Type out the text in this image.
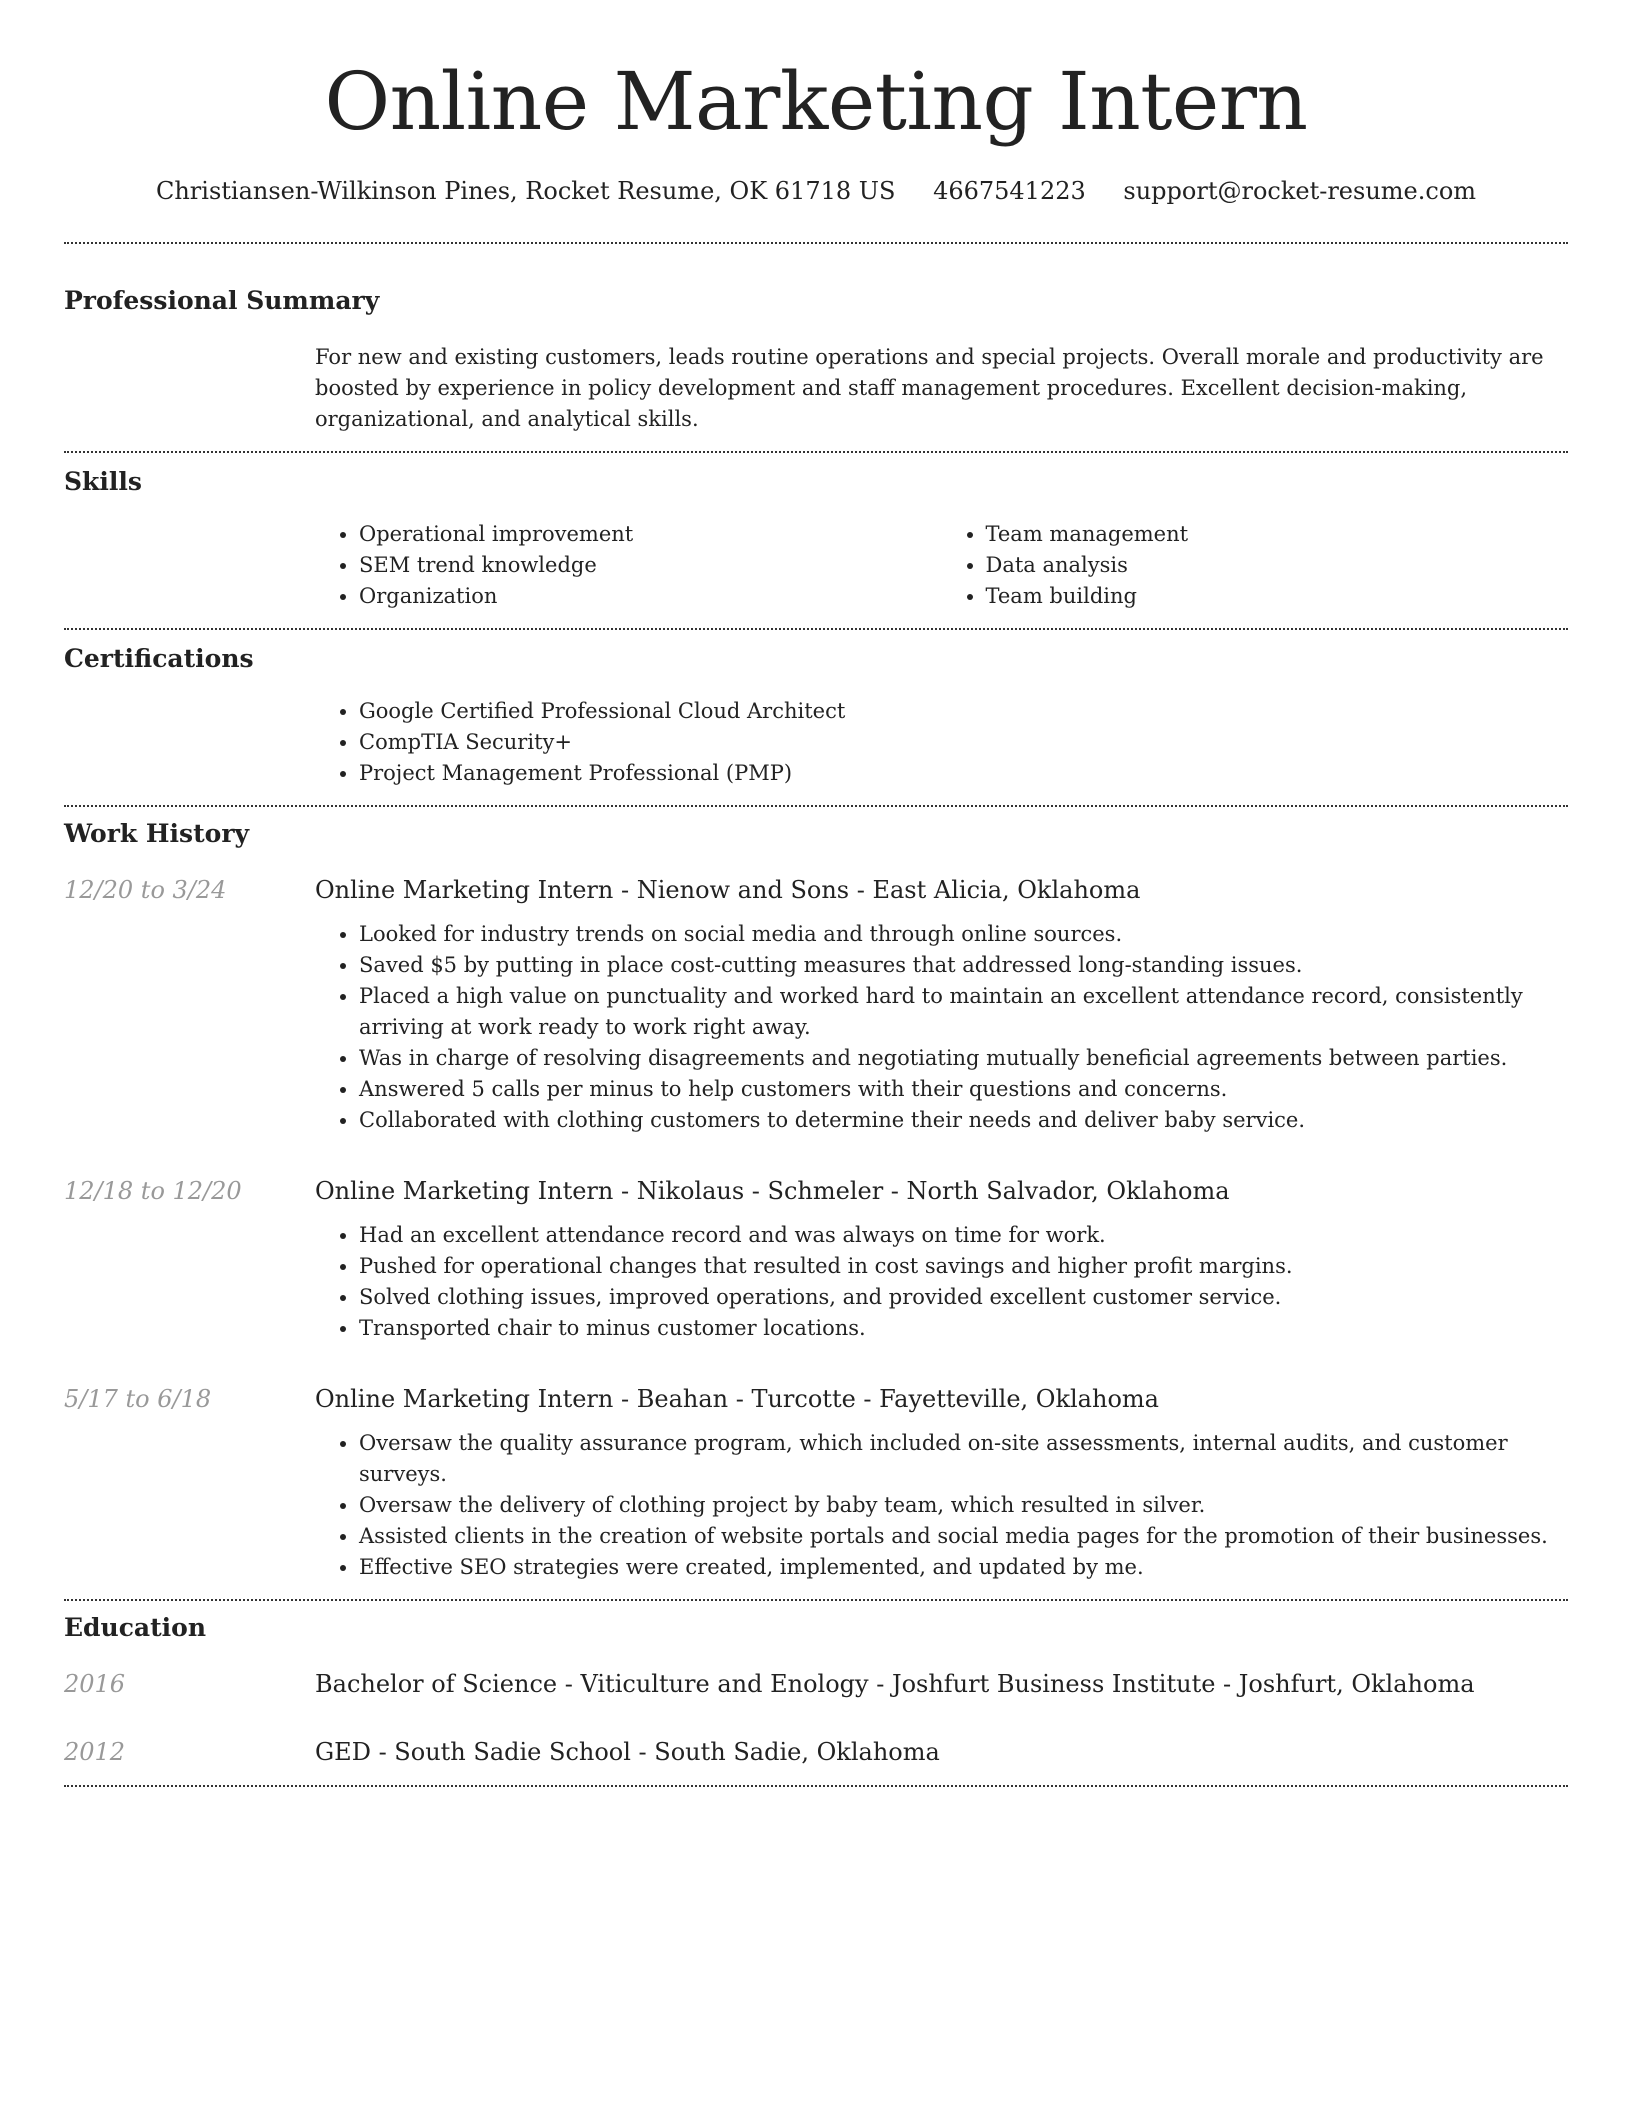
Online Marketing Intern
Christiansen-Wilkinson Pines, Rocket Resume, OK 61718 US 4667541223 support@rocket-resume.com
Professional Summary

For new and existing customers, leads routine operations and special projects. Overall morale and productivity are boosted by experience in policy development and staff management procedures. Excellent decision-making, organizational, and analytical skills.

Skills
• Operational improvement
• SEM trend knowledge
• Organization
• Team management
• Data analysis
• Team building
Certifications
• Google Certified Professional Cloud Architect
• CompTIA Security+
• Project Management Professional (PMP)
Work History
12/20 to 3/24	Online Marketing Intern - Nienow and Sons - East Alicia, Oklahoma
• Looked for industry trends on social media and through online sources.
• Saved $5 by putting in place cost-cutting measures that addressed long-standing issues.
• Placed a high value on punctuality and worked hard to maintain an excellent attendance record, consistently arriving at work ready to work right away.
• Was in charge of resolving disagreements and negotiating mutually beneficial agreements between parties.
• Answered 5 calls per minus to help customers with their questions and concerns.
• Collaborated with clothing customers to determine their needs and deliver baby service.
12/18 to 12/20	Online Marketing Intern - Nikolaus - Schmeler - North Salvador, Oklahoma
• Had an excellent attendance record and was always on time for work.
• Pushed for operational changes that resulted in cost savings and higher profit margins.
• Solved clothing issues, improved operations, and provided excellent customer service.
• Transported chair to minus customer locations.
5/17 to 6/18	Online Marketing Intern - Beahan - Turcotte - Fayetteville, Oklahoma
• Oversaw the quality assurance program, which included on-site assessments, internal audits, and customer surveys.
• Oversaw the delivery of clothing project by baby team, which resulted in silver.
• Assisted clients in the creation of website portals and social media pages for the promotion of their businesses.
• Effective SEO strategies were created, implemented, and updated by me.
Education
2016	Bachelor of Science - Viticulture and Enology - Joshfurt Business Institute - Joshfurt, Oklahoma
2012	GED - South Sadie School - South Sadie, Oklahoma
